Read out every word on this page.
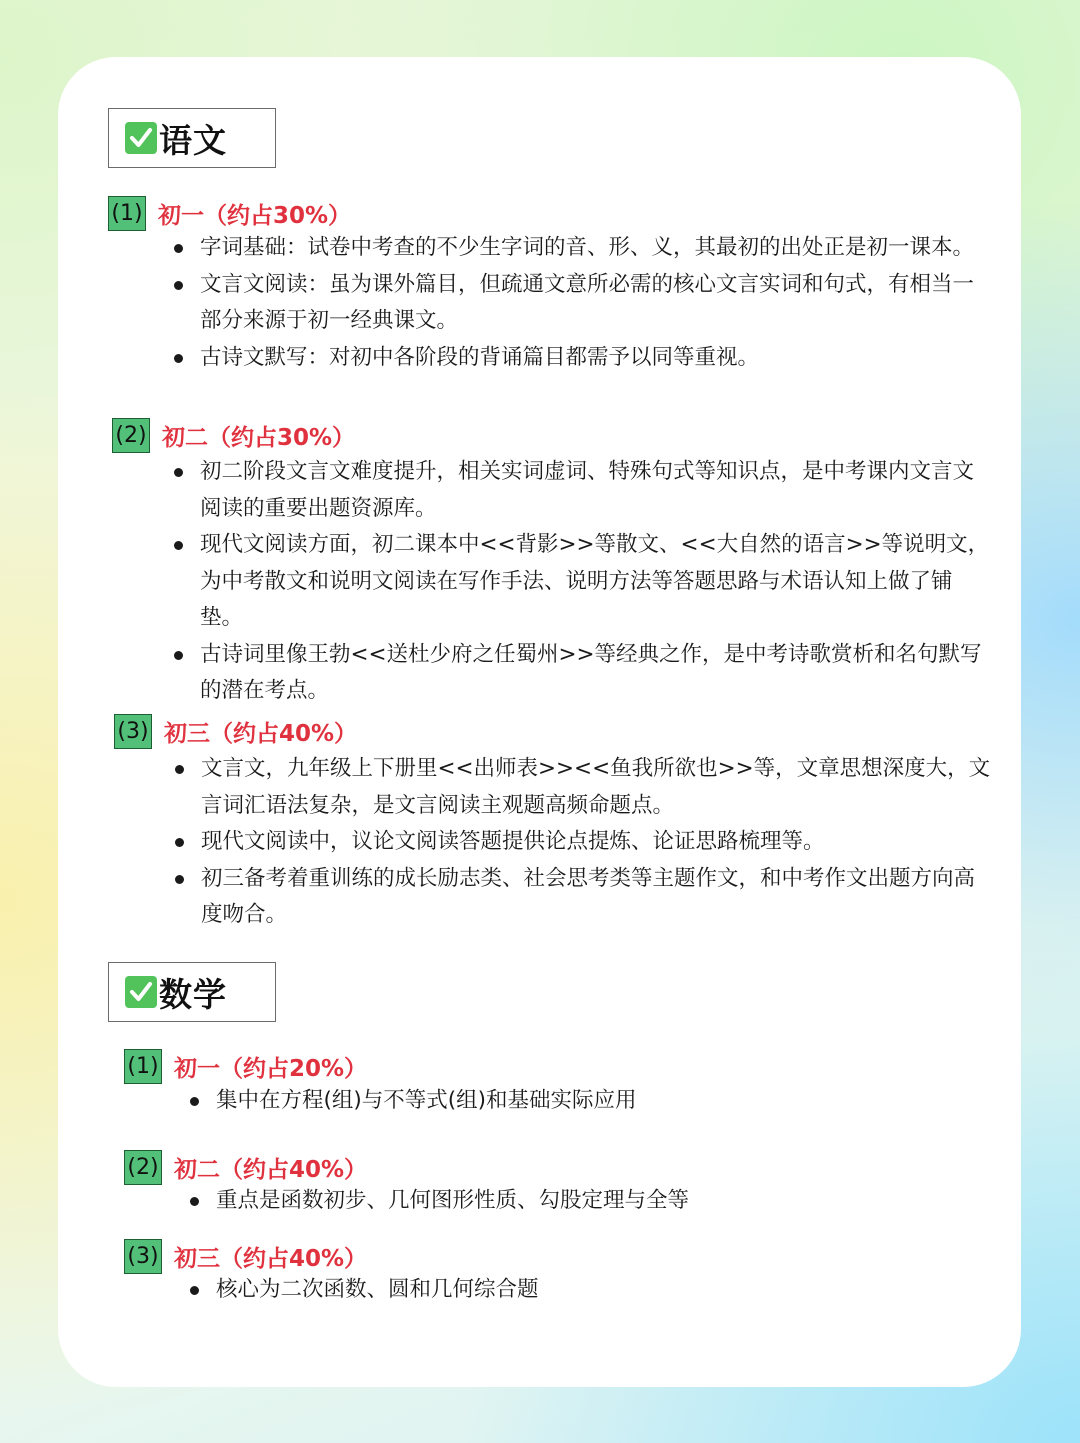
语文
(1) 初一（约占30%）
字词基础：试卷中考查的不少生字词的音、形、义，其最初的出处正是初一课本。
文言文阅读：虽为课外篇目，但疏通文意所必需的核心文言实词和句式，有相当一部分来源于初一经典课文。
古诗文默写：对初中各阶段的背诵篇目都需予以同等重视。
(2) 初二（约占30%）
初二阶段文言文难度提升，相关实词虚词、特殊句式等知识点，是中考课内文言文阅读的重要出题资源库。
现代文阅读方面，初二课本中<<背影>>等散文、<<大自然的语言>>等说明文，为中考散文和说明文阅读在写作手法、说明方法等答题思路与术语认知上做了铺垫。
古诗词里像王勃<<送杜少府之任蜀州>>等经典之作，是中考诗歌赏析和名句默写的潜在考点。
(3) 初三（约占40%）
文言文，九年级上下册里<<出师表>><<鱼我所欲也>>等，文章思想深度大，文言词汇语法复杂，是文言阅读主观题高频命题点。
现代文阅读中，议论文阅读答题提供论点提炼、论证思路梳理等。
初三备考着重训练的成长励志类、社会思考类等主题作文，和中考作文出题方向高度吻合。
数学
(1) 初一（约占20%）
集中在方程(组)与不等式(组)和基础实际应用
(2) 初二（约占40%）
重点是函数初步、几何图形性质、勾股定理与全等
(3) 初三（约占40%）
核心为二次函数、圆和几何综合题
